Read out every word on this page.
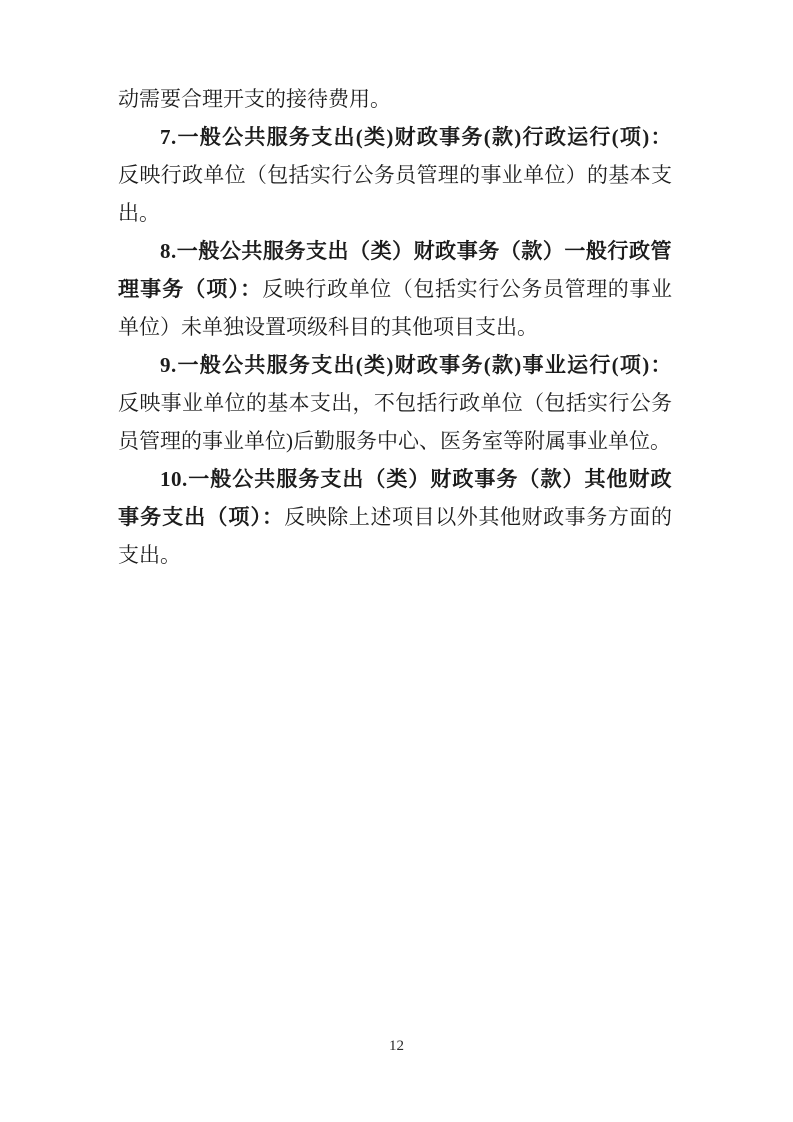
动需要合理开支的接待费用。

7.一般公共服务支出(类)财政事务(款)行政运行(项)：反映行政单位（包括实行公务员管理的事业单位）的基本支出。

8.一般公共服务支出（类）财政事务（款）一般行政管理事务（项）：反映行政单位（包括实行公务员管理的事业单位）未单独设置项级科目的其他项目支出。

9.一般公共服务支出(类)财政事务(款)事业运行(项)：反映事业单位的基本支出，不包括行政单位（包括实行公务员管理的事业单位)后勤服务中心、医务室等附属事业单位。

10.一般公共服务支出（类）财政事务（款）其他财政事务支出（项）：反映除上述项目以外其他财政事务方面的支出。

12
